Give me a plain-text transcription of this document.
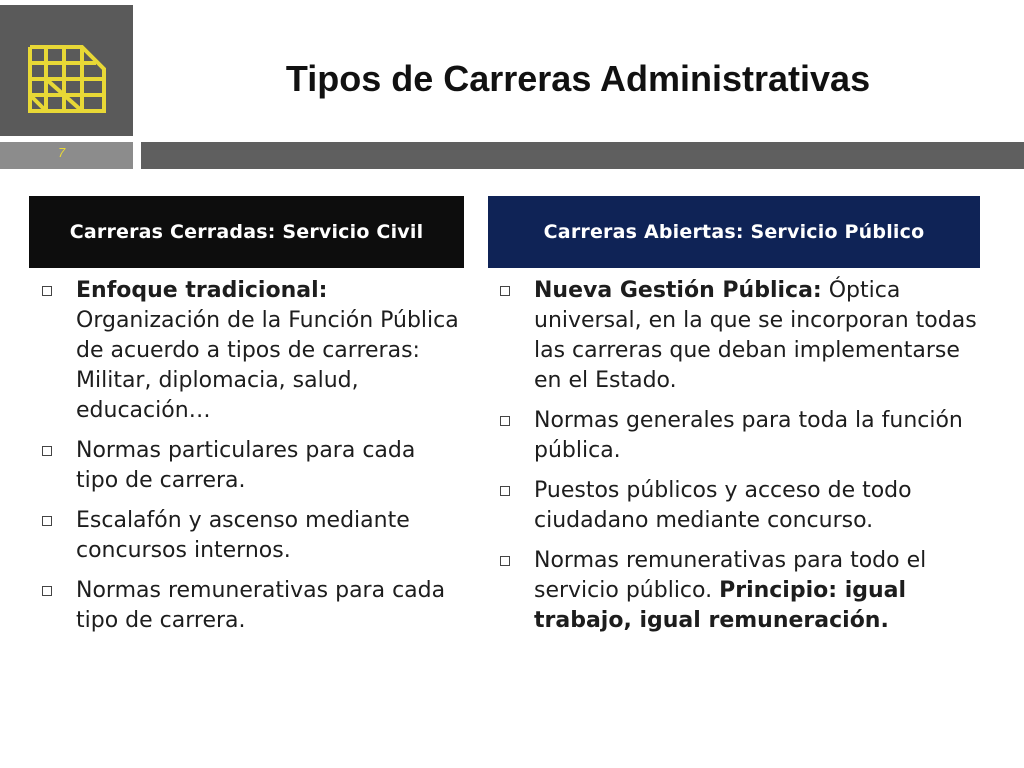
7
Tipos de Carreras Administrativas
Carreras Cerradas: Servicio Civil	Carreras Abiertas: Servicio Público
Enfoque tradicional: Organización de la Función Pública de acuerdo a tipos de carreras: Militar, diplomacia, salud, educación…
Normas particulares para cada tipo de carrera.
Escalafón y ascenso mediante concursos internos.
Normas remunerativas para cada tipo de carrera.
Nueva Gestión Pública: Óptica universal, en la que se incorporan todas las carreras que deban implementarse en el Estado.
Normas generales para toda la función pública.
Puestos públicos y acceso de todo ciudadano mediante concurso.
Normas remunerativas para todo el servicio público. Principio: igual trabajo, igual remuneración.
